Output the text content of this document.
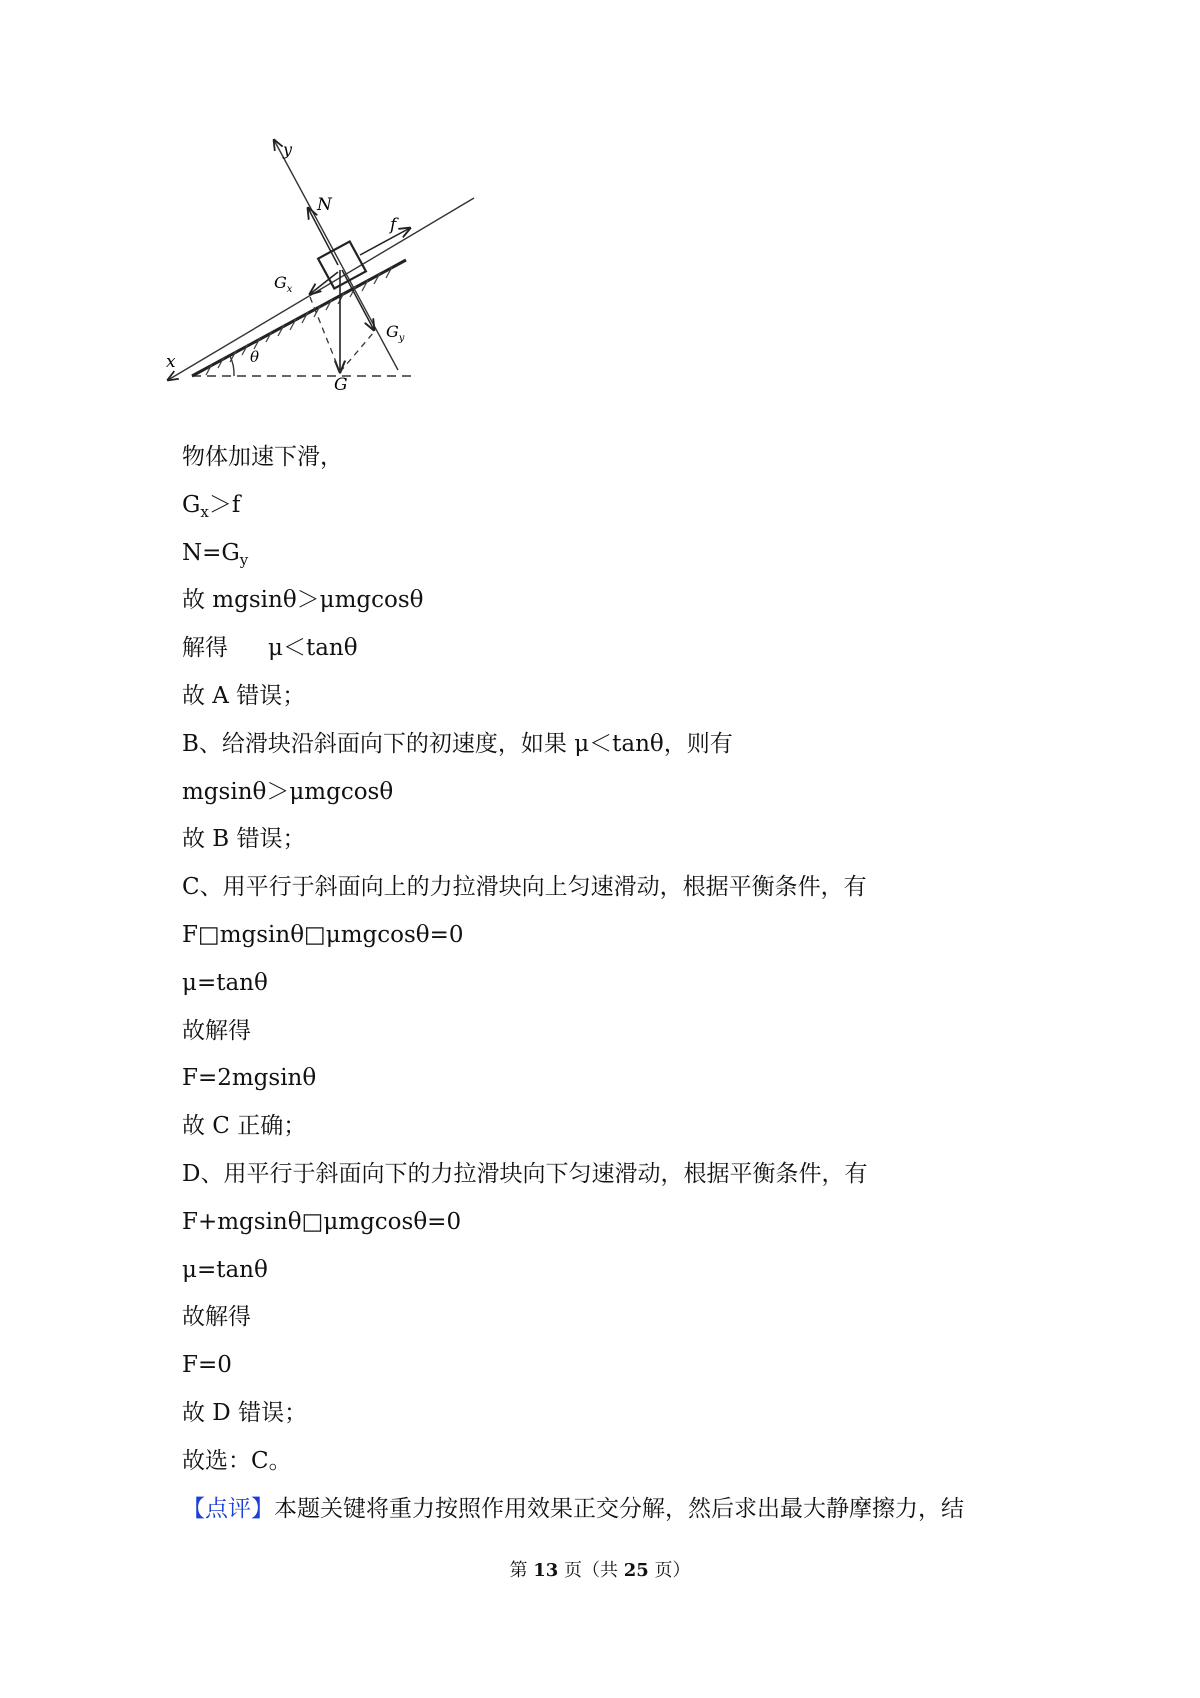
y
N
f
$G_x$
$G_y$
x	θ
G
物体加速下滑，
$G_x>f$
$N=G_y$
故 mgsinθ＞μmgcosθ
解得 μ＜tanθ
故 A 错误；
B、给滑块沿斜面向下的初速度，如果 μ＜tanθ，则有
mgsinθ＞μmgcosθ
故 B 错误；
C、用平行于斜面向上的力拉滑块向上匀速滑动，根据平衡条件，有
F□mgsinθ□μmgcosθ=0
μ=tanθ
故解得
F=2mgsinθ
故 C 正确；
D、用平行于斜面向下的力拉滑块向下匀速滑动，根据平衡条件，有
F+mgsinθ□μmgcosθ=0
μ=tanθ
故解得
F=0
故 D 错误；
故选：C。
【点评】本题关键将重力按照作用效果正交分解，然后求出最大静摩擦力，结
第 13 页（共 25 页）
